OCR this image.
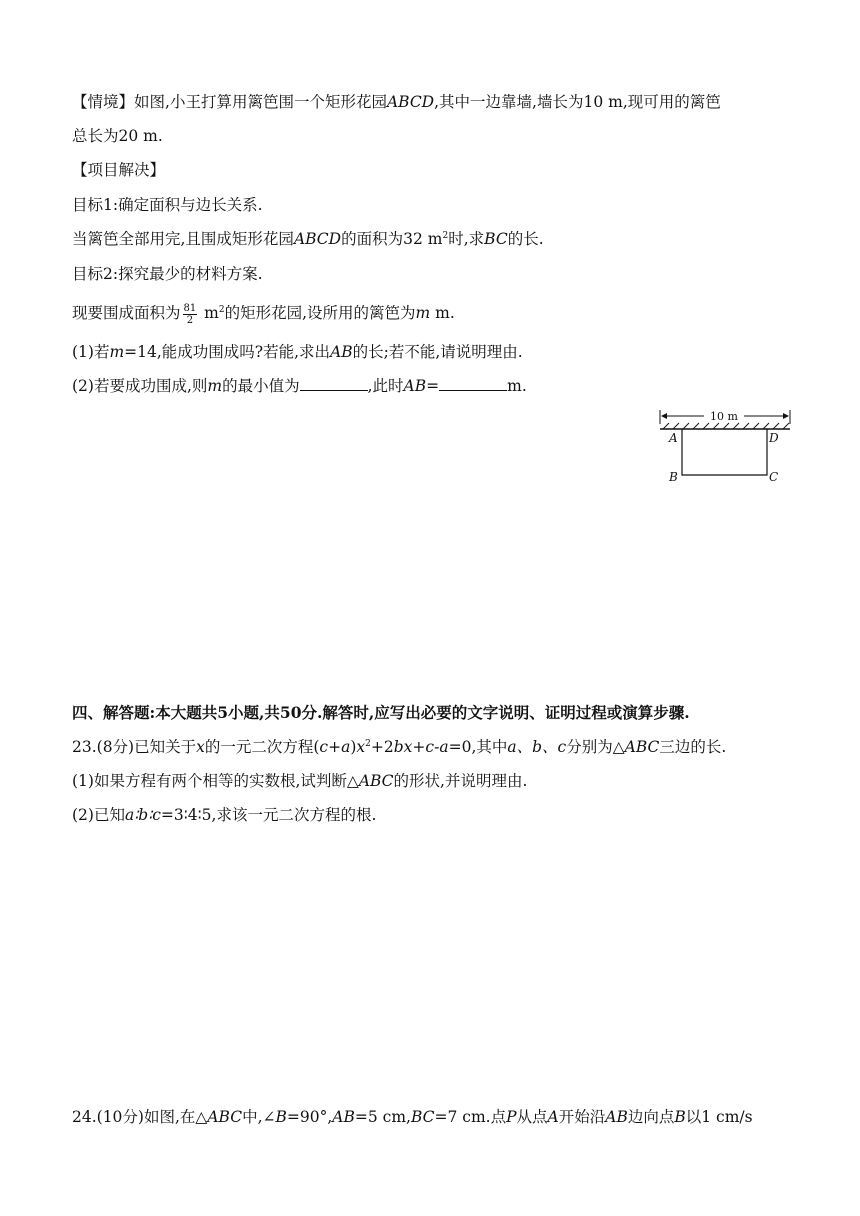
【情境】如图,小王打算用篱笆围一个矩形花园ABCD,其中一边靠墙,墙长为10 m,现可用的篱笆
总长为20 m.
【项目解决】
目标1:确定面积与边长关系.
当篱笆全部用完,且围成矩形花园ABCD的面积为32 $m^2$时,求BC的长.
目标2:探究最少的材料方案.
现要围成面积为 $\frac{81}{2} m^2$的矩形花园,设所用的篱笆为m m.
(1)若m=14,能成功围成吗?若能,求出AB的长;若不能,请说明理由.
(2)若要成功围成,则m的最小值为	,此时AB=	m.
10 m
A	D
B	C
四、解答题:本大题共5小题,共50分.解答时,应写出必要的文字说明、证明过程或演算步骤.
23.(8分)已知关于x的一元二次方程$(c+a)x^2+2bx+c-a=0$,其中a、b、c分别为△ABC三边的长.
(1)如果方程有两个相等的实数根,试判断△ABC的形状,并说明理由.
(2)已知a∶b∶c=3∶4∶5,求该一元二次方程的根.
24.(10分)如图,在△ABC中,∠B=90°,AB=5 cm,BC=7 cm.点P从点A开始沿AB边向点B以1 cm/s
